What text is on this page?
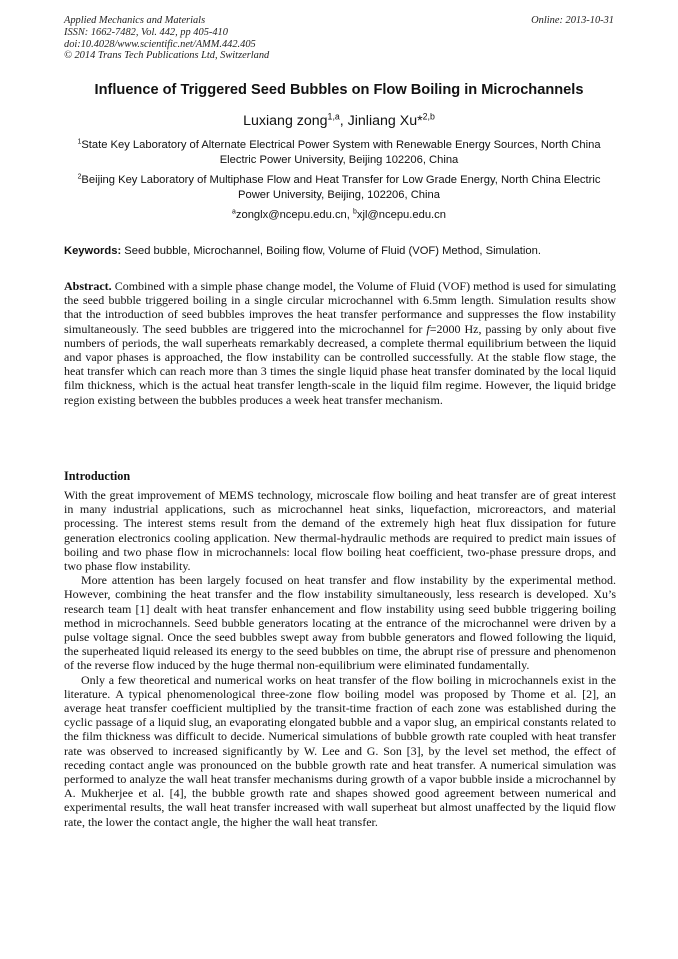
Applied Mechanics and Materials
ISSN: 1662-7482, Vol. 442, pp 405-410
doi:10.4028/www.scientific.net/AMM.442.405
© 2014 Trans Tech Publications Ltd, Switzerland
Online: 2013-10-31
Influence of Triggered Seed Bubbles on Flow Boiling in Microchannels
Luxiang zong$^{1,a}$, Jinliang Xu*$^{2,b}$
$^1$State Key Laboratory of Alternate Electrical Power System with Renewable Energy Sources, North China Electric Power University, Beijing 102206, China
$^2$Beijing Key Laboratory of Multiphase Flow and Heat Transfer for Low Grade Energy, North China Electric Power University, Beijing, 102206, China
$^a$zonglx@ncepu.edu.cn, $^b$xjl@ncepu.edu.cn
Keywords: Seed bubble, Microchannel, Boiling flow, Volume of Fluid (VOF) Method, Simulation.
Abstract. Combined with a simple phase change model, the Volume of Fluid (VOF) method is used for simulating the seed bubble triggered boiling in a single circular microchannel with 6.5mm length. Simulation results show that the introduction of seed bubbles improves the heat transfer performance and suppresses the flow instability simultaneously. The seed bubbles are triggered into the microchannel for f=2000 Hz, passing by only about five numbers of periods, the wall superheats remarkably decreased, a complete thermal equilibrium between the liquid and vapor phases is approached, the flow instability can be controlled successfully. At the stable flow stage, the heat transfer which can reach more than 3 times the single liquid phase heat transfer dominated by the local liquid film thickness, which is the actual heat transfer length-scale in the liquid film regime. However, the liquid bridge region existing between the bubbles produces a week heat transfer mechanism.
Introduction

With the great improvement of MEMS technology, microscale flow boiling and heat transfer are of great interest in many industrial applications, such as microchannel heat sinks, liquefaction, microreactors, and material processing. The interest stems result from the demand of the extremely high heat flux dissipation for future generation electronics cooling application. New thermal-hydraulic methods are required to predict main issues of boiling and two phase flow in microchannels: local flow boiling heat coefficient, two-phase pressure drops, and two phase flow instability.

More attention has been largely focused on heat transfer and flow instability by the experimental method. However, combining the heat transfer and the flow instability simultaneously, less research is developed. Xu’s research team [1] dealt with heat transfer enhancement and flow instability using seed bubble triggering boiling method in microchannels. Seed bubble generators locating at the entrance of the microchannel were driven by a pulse voltage signal. Once the seed bubbles swept away from bubble generators and flowed following the liquid, the superheated liquid released its energy to the seed bubbles on time, the abrupt rise of pressure and phenomenon of the reverse flow induced by the huge thermal non-equilibrium were eliminated fundamentally.

Only a few theoretical and numerical works on heat transfer of the flow boiling in microchannels exist in the literature. A typical phenomenological three-zone flow boiling model was proposed by Thome et al. [2], an average heat transfer coefficient multiplied by the transit-time fraction of each zone was established during the cyclic passage of a liquid slug, an evaporating elongated bubble and a vapor slug, an empirical constants related to the film thickness was difficult to decide. Numerical simulations of bubble growth rate coupled with heat transfer rate was observed to increased significantly by W. Lee and G. Son [3], by the level set method, the effect of receding contact angle was pronounced on the bubble growth rate and heat transfer. A numerical simulation was performed to analyze the wall heat transfer mechanisms during growth of a vapor bubble inside a microchannel by A. Mukherjee et al. [4], the bubble growth rate and shapes showed good agreement between numerical and experimental results, the wall heat transfer increased with wall superheat but almost unaffected by the liquid flow rate, the lower the contact angle, the higher the wall heat transfer.
